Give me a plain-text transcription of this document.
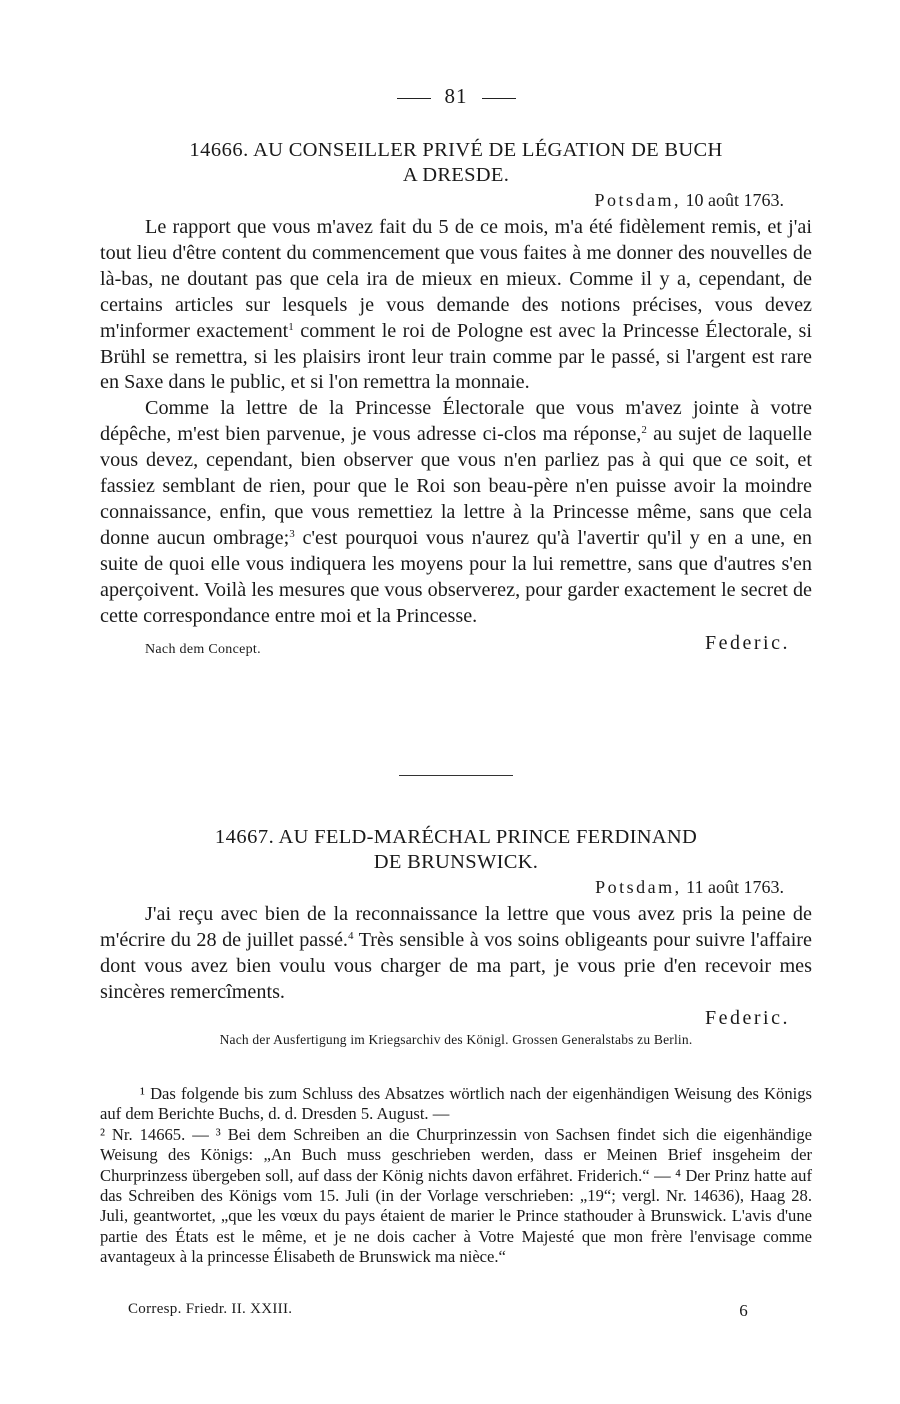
81
14666. AU CONSEILLER PRIVÉ DE LÉGATION DE BUCH
A DRESDE.
Potsdam, 10 août 1763.

Le rapport que vous m'avez fait du 5 de ce mois, m'a été fidèlement remis, et j'ai tout lieu d'être content du commencement que vous faites à me donner des nouvelles de là-bas, ne doutant pas que cela ira de mieux en mieux. Comme il y a, cependant, de certains articles sur lesquels je vous demande des notions précises, vous devez m'informer exactement$^1$ comment le roi de Pologne est avec la Princesse Électorale, si Brühl se remettra, si les plaisirs iront leur train comme par le passé, si l'argent est rare en Saxe dans le public, et si l'on remettra la monnaie.

Comme la lettre de la Princesse Électorale que vous m'avez jointe à votre dépêche, m'est bien parvenue, je vous adresse ci-clos ma réponse,$^2$ au sujet de laquelle vous devez, cependant, bien observer que vous n'en parliez pas à qui que ce soit, et fassiez semblant de rien, pour que le Roi son beau-père n'en puisse avoir la moindre connaissance, enfin, que vous remettiez la lettre à la Princesse même, sans que cela donne aucun ombrage;$^3$ c'est pourquoi vous n'aurez qu'à l'avertir qu'il y en a une, en suite de quoi elle vous indiquera les moyens pour la lui remettre, sans que d'autres s'en aperçoivent. Voilà les mesures que vous observerez, pour garder exactement le secret de cette correspondance entre moi et la Princesse.

Nach dem Concept.	Federic.
14667. AU FELD-MARÉCHAL PRINCE FERDINAND
DE BRUNSWICK.
Potsdam, 11 août 1763.

J'ai reçu avec bien de la reconnaissance la lettre que vous avez pris la peine de m'écrire du 28 de juillet passé.$^4$ Très sensible à vos soins obligeants pour suivre l'affaire dont vous avez bien voulu vous charger de ma part, je vous prie d'en recevoir mes sincères remercîments.

Federic.
Nach der Ausfertigung im Kriegsarchiv des Königl. Grossen Generalstabs zu Berlin.
¹ Das folgende bis zum Schluss des Absatzes wörtlich nach der eigenhändigen Weisung des Königs auf dem Berichte Buchs, d. d. Dresden 5. August. —
² Nr. 14665. — ³ Bei dem Schreiben an die Churprinzessin von Sachsen findet sich die eigenhändige Weisung des Königs: „An Buch muss geschrieben werden, dass er Meinen Brief insgeheim der Churprinzess übergeben soll, auf dass der König nichts davon erfähret. Friderich.“ — ⁴ Der Prinz hatte auf das Schreiben des Königs vom 15. Juli (in der Vorlage verschrieben: „19“; vergl. Nr. 14636), Haag 28. Juli, geantwortet, „que les vœux du pays étaient de marier le Prince stathouder à Brunswick. L'avis d'une partie des États est le même, et je ne dois cacher à Votre Majesté que mon frère l'envisage comme avantageux à la princesse Élisabeth de Brunswick ma nièce.“
Corresp. Friedr. II. XXIII.	6
